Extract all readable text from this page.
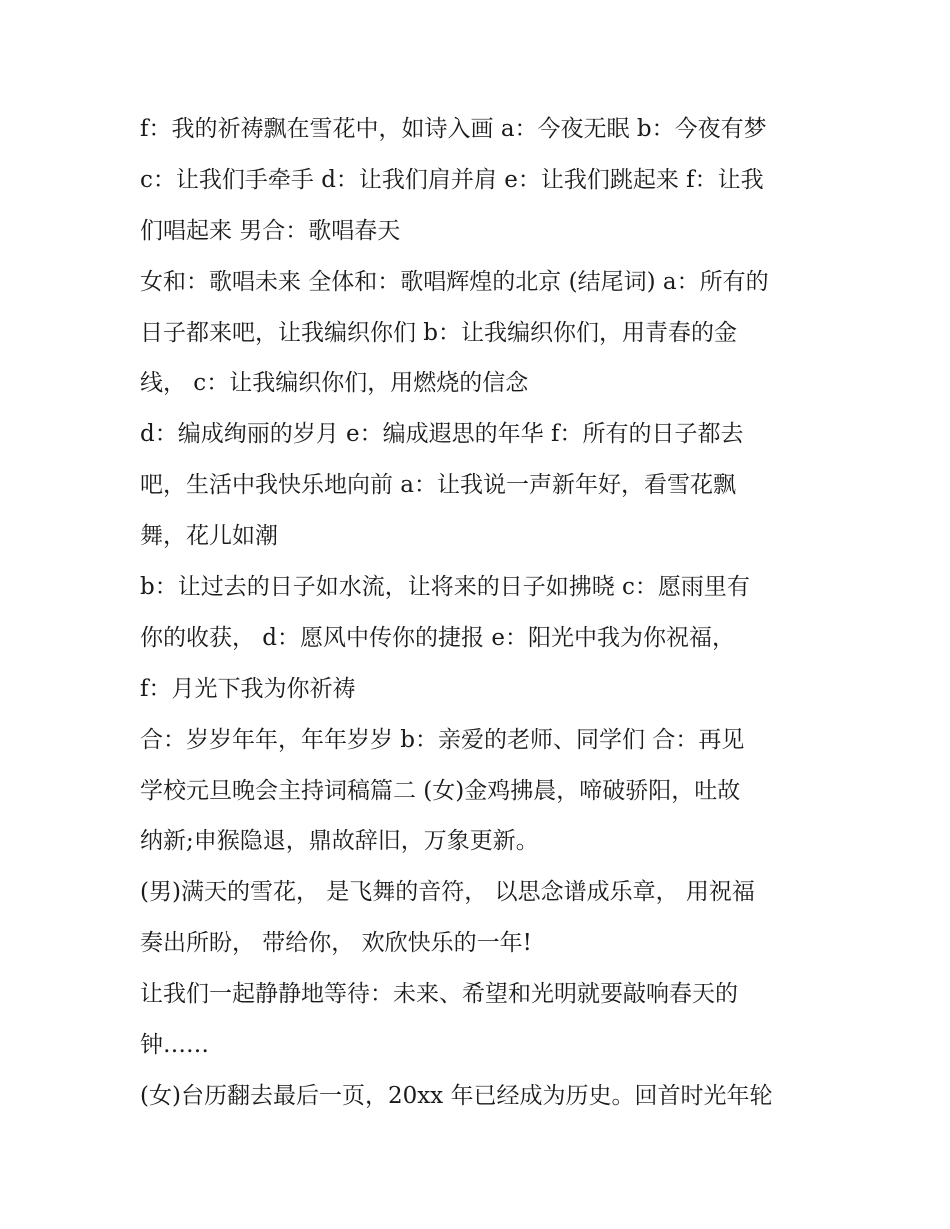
f：我的祈祷飘在雪花中，如诗入画 a：今夜无眠 b：今夜有梦
c：让我们手牵手 d：让我们肩并肩 e：让我们跳起来 f：让我
们唱起来 男合：歌唱春天
女和：歌唱未来 全体和：歌唱辉煌的北京 (结尾词) a：所有的
日子都来吧，让我编织你们 b：让我编织你们，用青春的金
线， c：让我编织你们，用燃烧的信念
d：编成绚丽的岁月 e：编成遐思的年华 f：所有的日子都去
吧，生活中我快乐地向前 a：让我说一声新年好，看雪花飘
舞，花儿如潮
b：让过去的日子如水流，让将来的日子如拂晓 c：愿雨里有
你的收获， d：愿风中传你的捷报 e：阳光中我为你祝福，
f：月光下我为你祈祷
合：岁岁年年，年年岁岁 b：亲爱的老师、同学们 合：再见
学校元旦晚会主持词稿篇二 (女)金鸡拂晨，啼破骄阳，吐故
纳新;申猴隐退，鼎故辞旧，万象更新。
(男)满天的雪花， 是飞舞的音符， 以思念谱成乐章， 用祝福
奏出所盼， 带给你， 欢欣快乐的一年!
让我们一起静静地等待：未来、希望和光明就要敲响春天的
钟……
(女)台历翻去最后一页，20xx 年已经成为历史。回首时光年轮
